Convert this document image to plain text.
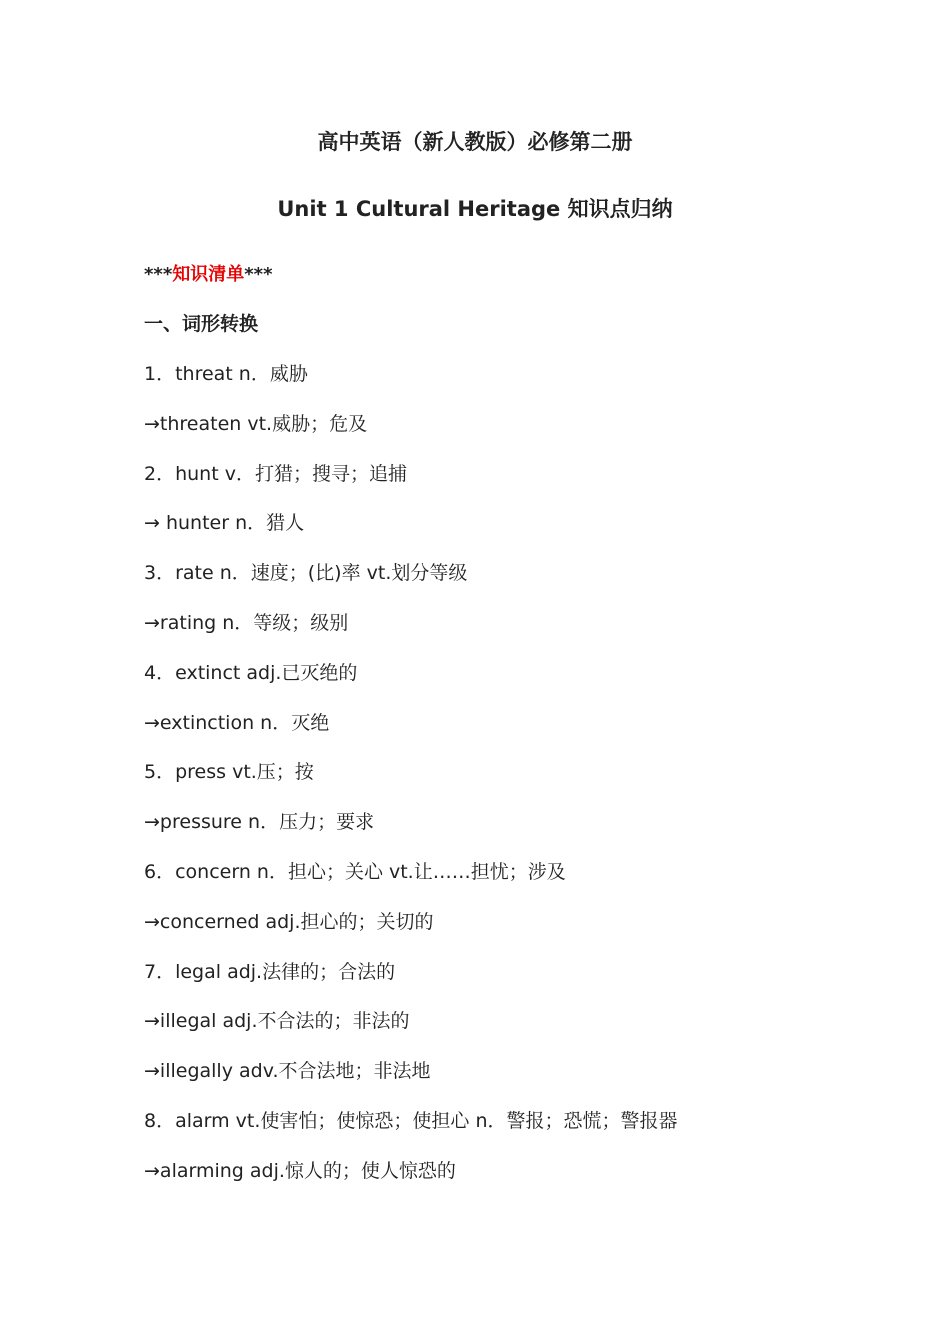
高中英语（新人教版）必修第二册
Unit 1 Cultural Heritage 知识点归纳
***知识清单***
一、词形转换
1．threat n．威胁
→threaten vt.威胁；危及
2．hunt v．打猎；搜寻；追捕
→ hunter n．猎人
3．rate n．速度；(比)率 vt.划分等级
→rating n．等级；级别
4．extinct adj.已灭绝的
→extinction n．灭绝
5．press vt.压；按
→pressure n．压力；要求
6．concern n．担心；关心 vt.让……担忧；涉及
→concerned adj.担心的；关切的
7．legal adj.法律的；合法的
→illegal adj.不合法的；非法的
→illegally adv.不合法地；非法地
8．alarm vt.使害怕；使惊恐；使担心 n．警报；恐慌；警报器
→alarming adj.惊人的；使人惊恐的
